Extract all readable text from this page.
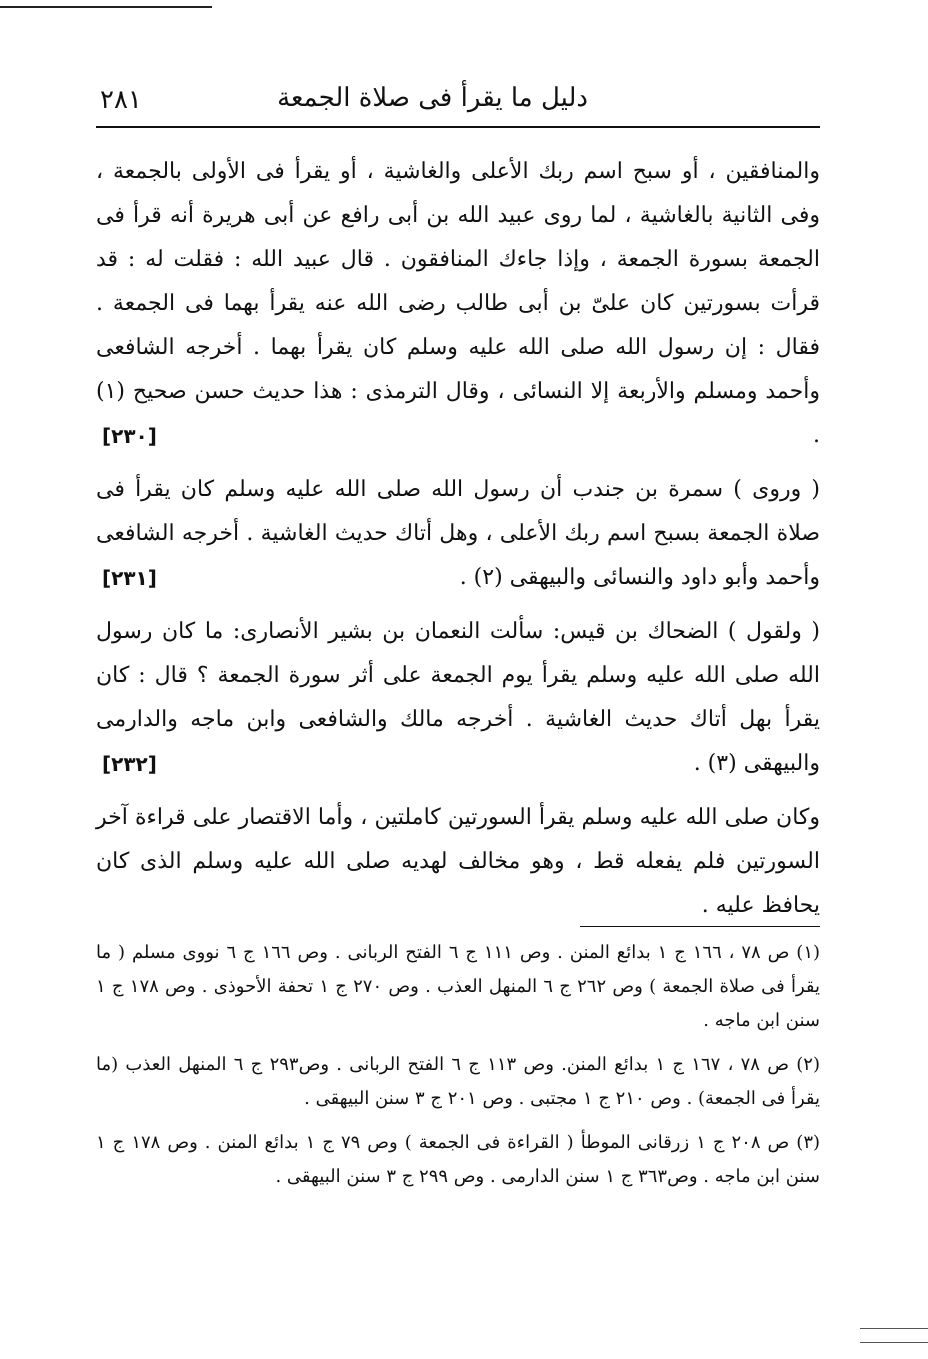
دليل ما يقرأ فى صلاة الجمعة
٢٨١

والمنافقين ، أو سبح اسم ربك الأعلى والغاشية ، أو يقرأ فى الأولى بالجمعة ، وفى الثانية بالغاشية ، لما روى عبيد الله بن أبى رافع عن أبى هريرة أنه قرأ فى الجمعة بسورة الجمعة ، وإذا جاءك المنافقون . قال عبيد الله : فقلت له : قد قرأت بسورتين كان علىّ بن أبى طالب رضى الله عنه يقرأ بهما فى الجمعة . فقال : إن رسول الله صلى الله عليه وسلم كان يقرأ بهما . أخرجه الشافعى وأحمد ومسلم والأربعة إلا النسائى ، وقال الترمذى : هذا حديث حسن صحيح (١) .
[٢٣٠]

( وروى ) سمرة بن جندب أن رسول الله صلى الله عليه وسلم كان يقرأ فى صلاة الجمعة بسبح اسم ربك الأعلى ، وهل أتاك حديث الغاشية . أخرجه الشافعى وأحمد وأبو داود والنسائى والبيهقى (٢) .
[٢٣١]

( ولقول ) الضحاك بن قيس: سألت النعمان بن بشير الأنصارى: ما كان رسول الله صلى الله عليه وسلم يقرأ يوم الجمعة على أثر سورة الجمعة ؟ قال : كان يقرأ بهل أتاك حديث الغاشية . أخرجه مالك والشافعى وابن ماجه والدارمى والبيهقى (٣) .
[٢٣٢]

وكان صلى الله عليه وسلم يقرأ السورتين كاملتين ، وأما الاقتصار على قراءة آخر السورتين فلم يفعله قط ، وهو مخالف لهديه صلى الله عليه وسلم الذى كان يحافظ عليه .

(١) ص ٧٨ ، ١٦٦ ج ١ بدائع المنن . وص ١١١ ج ٦ الفتح الربانى . وص ١٦٦ ج ٦ نووى مسلم ( ما يقرأ فى صلاة الجمعة ) وص ٢٦٢ ج ٦ المنهل العذب . وص ٢٧٠ ج ١ تحفة الأحوذى . وص ١٧٨ ج ١ سنن ابن ماجه .

(٢) ص ٧٨ ، ١٦٧ ج ١ بدائع المنن. وص ١١٣ ج ٦ الفتح الربانى . وص٢٩٣ ج ٦ المنهل العذب (ما يقرأ فى الجمعة) . وص ٢١٠ ج ١ مجتبى . وص ٢٠١ ج ٣ سنن البيهقى .

(٣) ص ٢٠٨ ج ١ زرقانى الموطأ ( القراءة فى الجمعة ) وص ٧٩ ج ١ بدائع المنن . وص ١٧٨ ج ١ سنن ابن ماجه . وص٣٦٣ ج ١ سنن الدارمى . وص ٢٩٩ ج ٣ سنن البيهقى .
